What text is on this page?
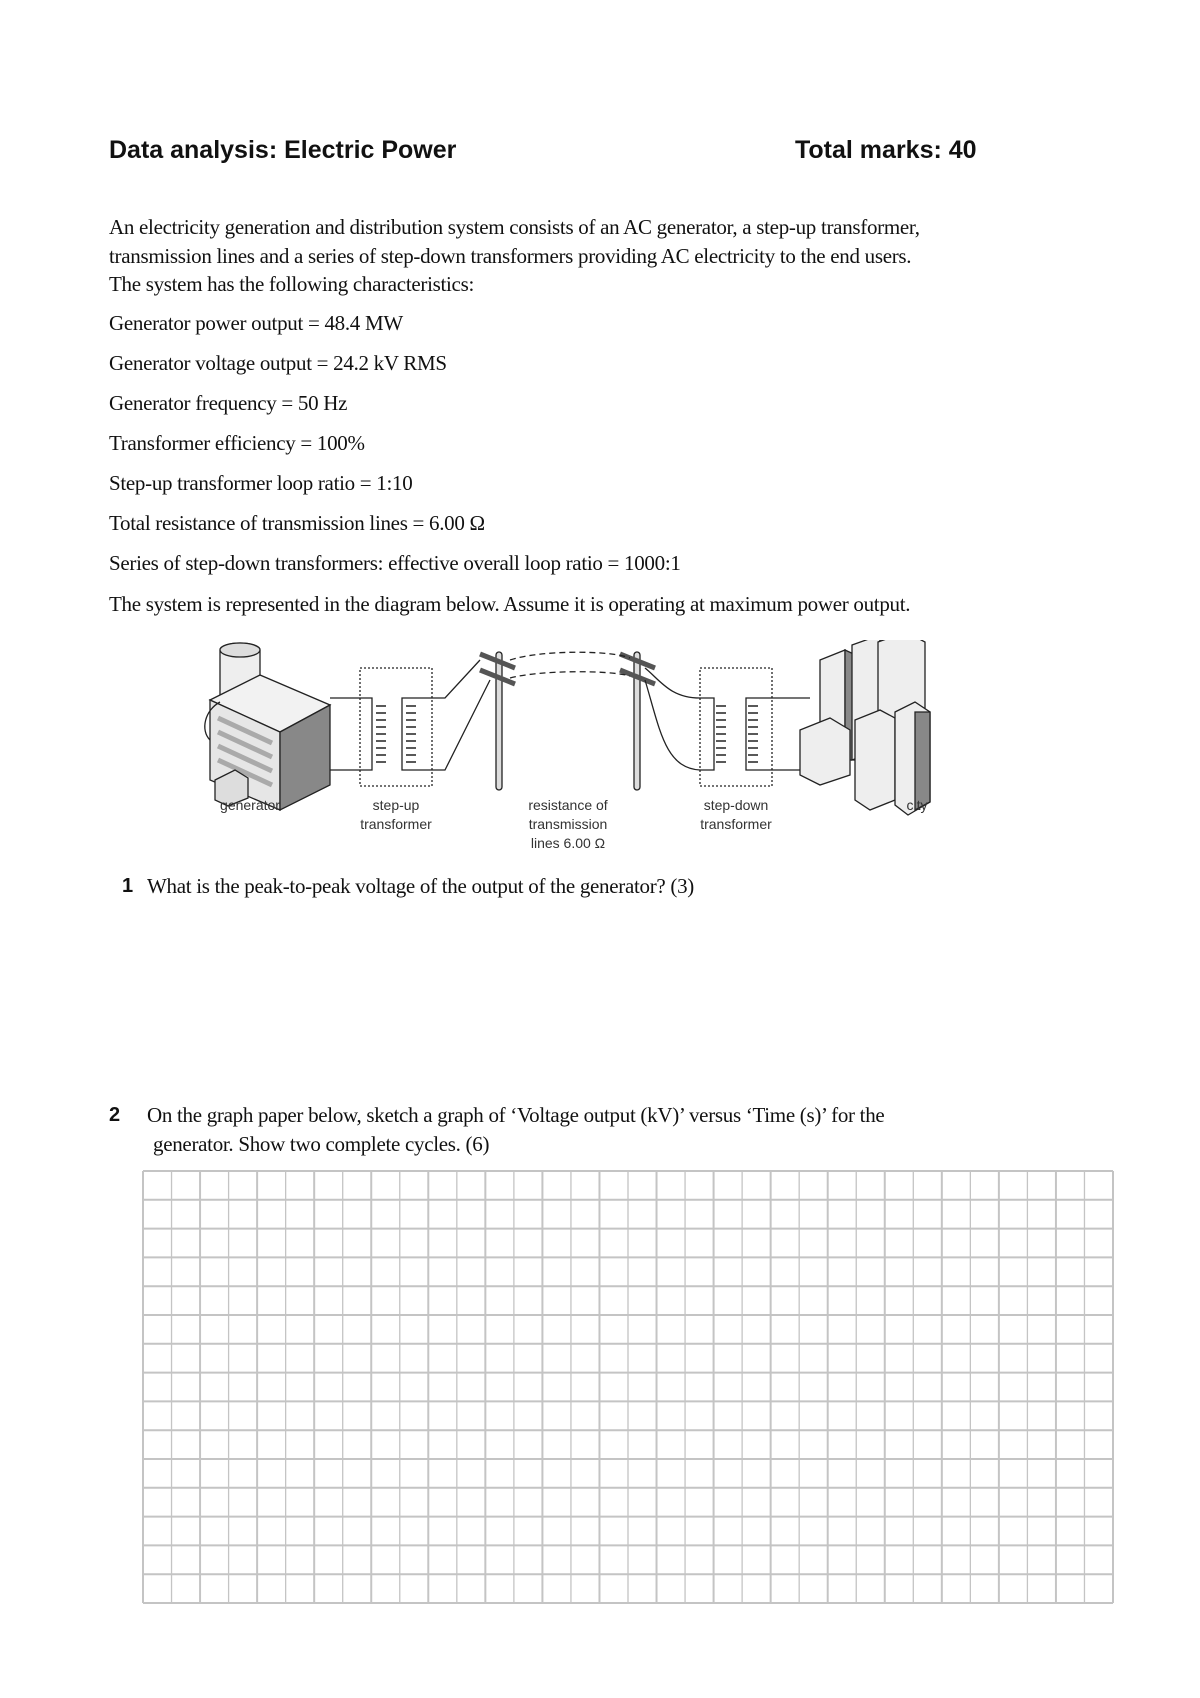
Data analysis: Electric Power	Total marks: 40
An electricity generation and distribution system consists of an AC generator, a step-up transformer,
transmission lines and a series of step-down transformers providing AC electricity to the end users.
The system has the following characteristics:
Generator power output = 48.4 MW
Generator voltage output = 24.2 kV RMS
Generator frequency = 50 Hz
Transformer efficiency = 100%
Step-up transformer loop ratio = 1:10
Total resistance of transmission lines = 6.00 Ω
Series of step-down transformers: effective overall loop ratio = 1000:1
The system is represented in the diagram below. Assume it is operating at maximum power output.
generator	step-up
transformer
resistance of
transmission
lines 6.00 Ω
step-down
transformer
city
1 What is the peak-to-peak voltage of the output of the generator? (3)
2 On the graph paper below, sketch a graph of ‘Voltage output (kV)’ versus ‘Time (s)’ for the
generator. Show two complete cycles. (6)
